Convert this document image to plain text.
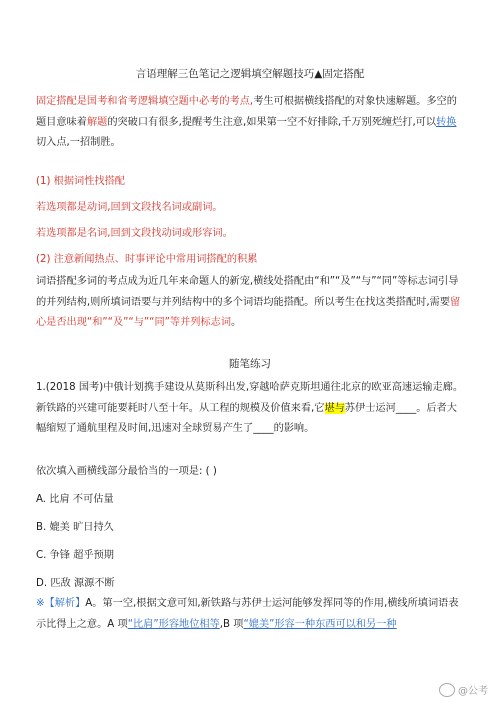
言语理解三色笔记之逻辑填空解题技巧▲固定搭配
固定搭配是国考和省考逻辑填空题中必考的考点,考生可根据横线搭配的对象快速解题。多空的题目意味着解题的突破口有很多,提醒考生注意,如果第一空不好排除,千万别死缠烂打,可以转换切入点,一招制胜。
(1) 根据词性找搭配
若选项都是动词,回到文段找名词或副词。
若选项都是名词,回到文段找动词或形容词。
(2) 注意新闻热点、时事评论中常用词搭配的积累
词语搭配多词的考点成为近几年来命题人的新宠,横线处搭配由“和”“及”“与”“同”等标志词引导的并列结构,则所填词语要与并列结构中的多个词语均能搭配。所以考生在找这类搭配时,需要留心是否出现“和”“及”“与”“同”等并列标志词。
随笔练习
1.(2018 国考)中俄计划携手建设从莫斯科出发,穿越哈萨克斯坦通往北京的欧亚高速运输走廊。新铁路的兴建可能要耗时八至十年。从工程的规模及价值来看,它堪与苏伊士运河____。后者大幅缩短了通航里程及时间,迅速对全球贸易产生了____的影响。
依次填入画横线部分最恰当的一项是: ( )
A. 比肩 不可估量
B. 媲美 旷日持久
C. 争锋 超乎预期
D. 匹敌 源源不断
※【解析】A。第一空,根据文意可知,新铁路与苏伊士运河能够发挥同等的作用,横线所填词语表示比得上之意。A 项“比肩”形容地位相等,B 项“媲美”形容一种东西可以和另一种
@公考
